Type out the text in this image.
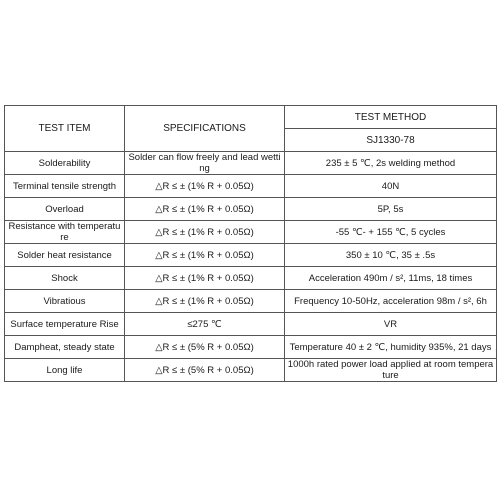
TEST ITEM	SPECIFICATIONS	TEST METHOD
		SJ1330-78
Solderability	Solder can flow freely and lead wetting	235 ± 5 ℃, 2s welding method
Terminal tensile strength	△R ≤ ± (1% R + 0.05Ω)	40N
Overload	△R ≤ ± (1% R + 0.05Ω)	5P, 5s
Resistance with temperature	△R ≤ ± (1% R + 0.05Ω)	-55 ℃- + 155 ℃, 5 cycles
Solder heat resistance	△R ≤ ± (1% R + 0.05Ω)	350 ± 10 ℃, 35 ± .5s
Shock	△R ≤ ± (1% R + 0.05Ω)	Acceleration 490m / s², 11ms, 18 times
Vibratious	△R ≤ ± (1% R + 0.05Ω)	Frequency 10-50Hz, acceleration 98m / s², 6h
Surface temperature Rise	≤275 ℃	VR
Dampheat, steady state	△R ≤ ± (5% R + 0.05Ω)	Temperature 40 ± 2 ℃, humidity 935%, 21 days
Long life	△R ≤ ± (5% R + 0.05Ω)	1000h rated power load applied at room temperature
